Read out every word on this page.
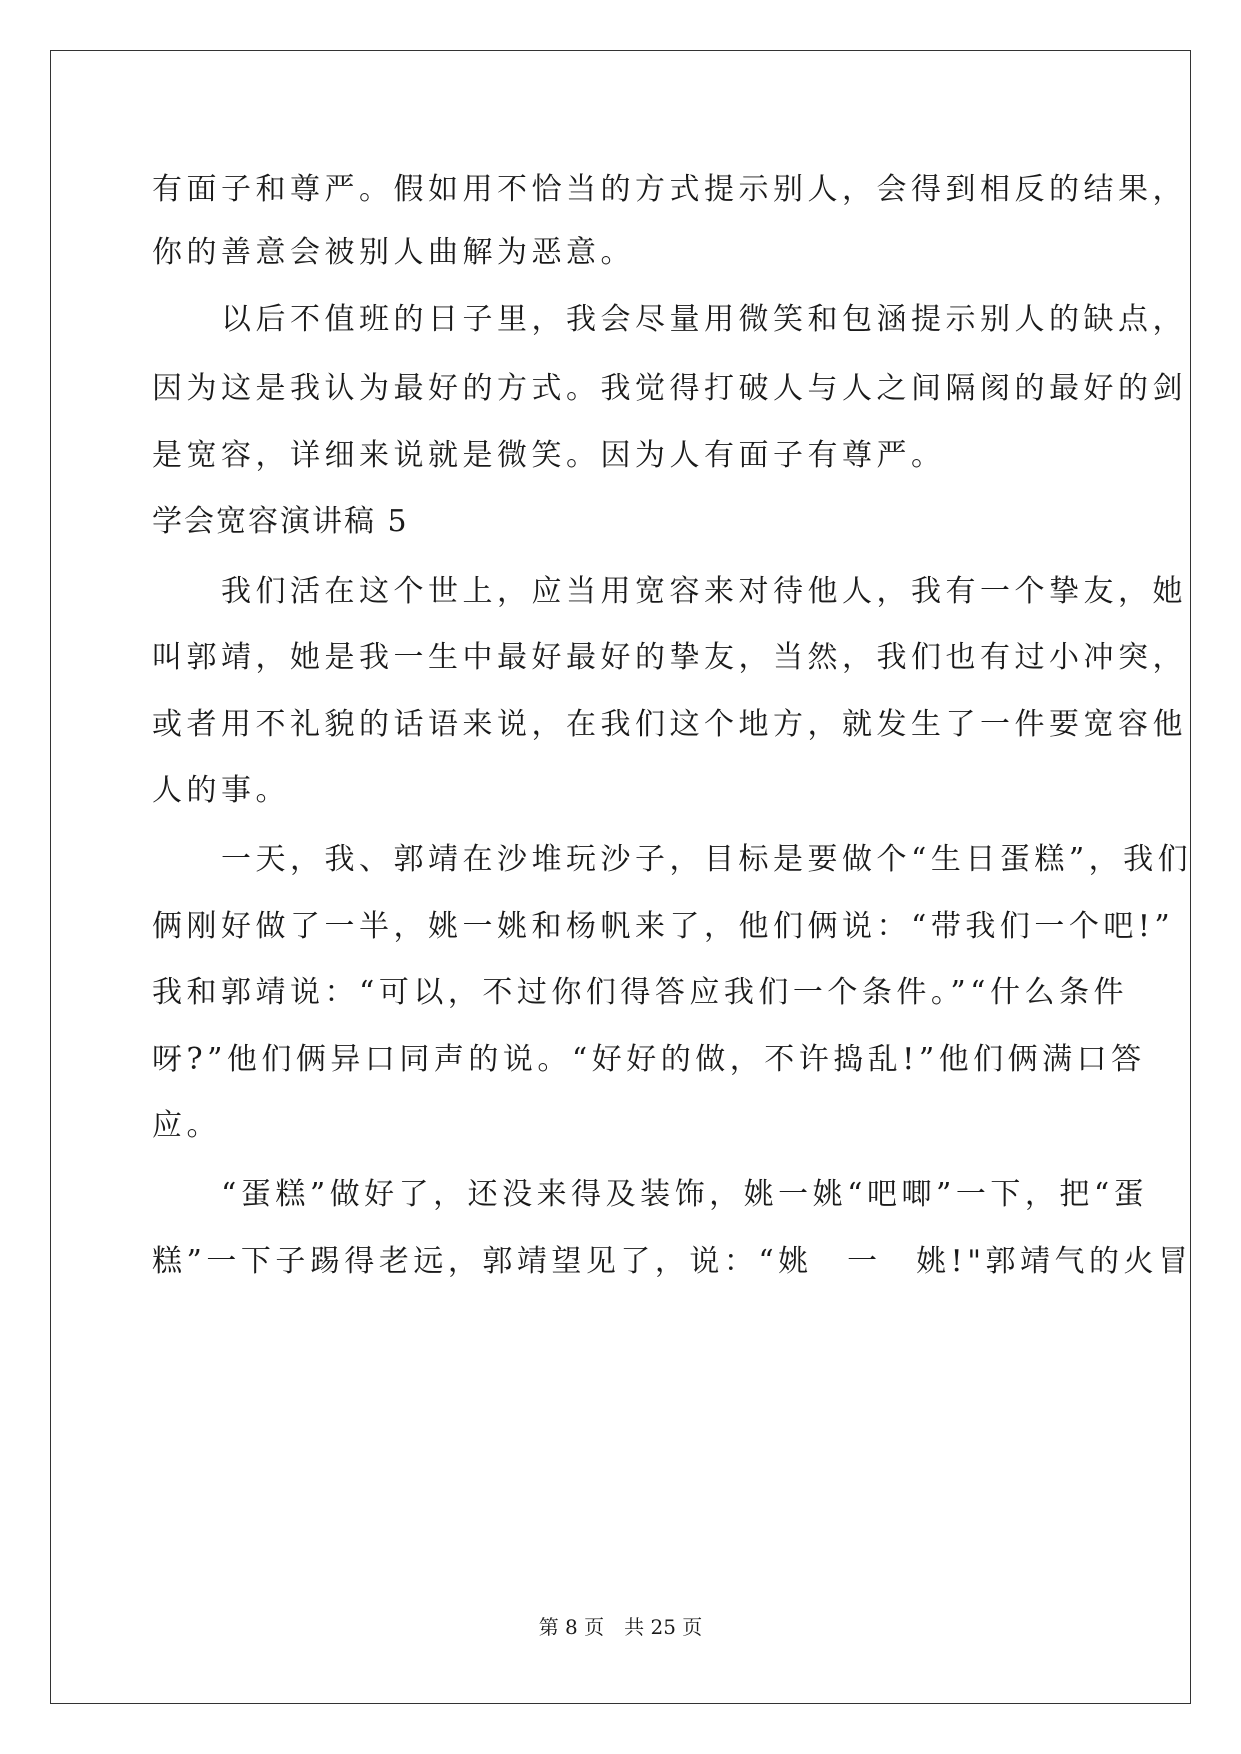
有面子和尊严。假如用不恰当的方式提示别人，会得到相反的结果，
你的善意会被别人曲解为恶意。
　　以后不值班的日子里，我会尽量用微笑和包涵提示别人的缺点，
因为这是我认为最好的方式。我觉得打破人与人之间隔阂的最好的剑
是宽容，详细来说就是微笑。因为人有面子有尊严。
学会宽容演讲稿 5
　　我们活在这个世上，应当用宽容来对待他人，我有一个挚友，她
叫郭靖，她是我一生中最好最好的挚友，当然，我们也有过小冲突，
或者用不礼貌的话语来说，在我们这个地方，就发生了一件要宽容他
人的事。
　　一天，我、郭靖在沙堆玩沙子，目标是要做个“生日蛋糕”，我们
俩刚好做了一半，姚一姚和杨帆来了，他们俩说：“带我们一个吧!”
我和郭靖说：“可以，不过你们得答应我们一个条件。”“什么条件
呀?”他们俩异口同声的说。“好好的做，不许捣乱!”他们俩满口答
应。
　　“蛋糕”做好了，还没来得及装饰，姚一姚“吧唧”一下，把“蛋
糕”一下子踢得老远，郭靖望见了，说：“姚　一　姚!"郭靖气的火冒
第 8 页　共 25 页
